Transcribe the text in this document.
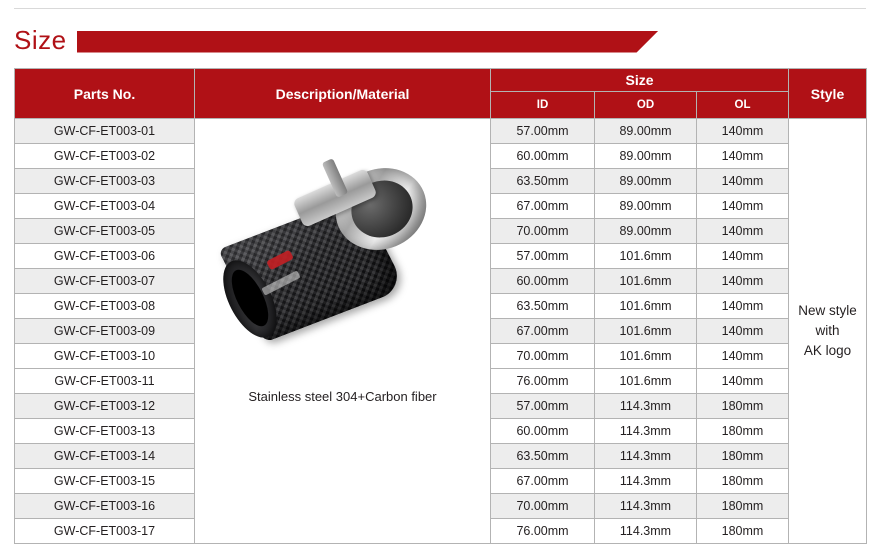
Size
Parts No.	Description/Material	Size			Style
		ID	OD	OL	
GW-CF-ET003-01	Stainless steel 304+Carbon fiber	57.00mm	89.00mm	140mm	New style
with
AK logo

GW-CF-ET003-02		60.00mm	89.00mm	140mm	
GW-CF-ET003-03		63.50mm	89.00mm	140mm	
GW-CF-ET003-04		67.00mm	89.00mm	140mm	
GW-CF-ET003-05		70.00mm	89.00mm	140mm	
GW-CF-ET003-06		57.00mm	101.6mm	140mm	
GW-CF-ET003-07		60.00mm	101.6mm	140mm	
GW-CF-ET003-08		63.50mm	101.6mm	140mm	
GW-CF-ET003-09		67.00mm	101.6mm	140mm	
GW-CF-ET003-10		70.00mm	101.6mm	140mm	
GW-CF-ET003-11		76.00mm	101.6mm	140mm	
GW-CF-ET003-12		57.00mm	114.3mm	180mm	
GW-CF-ET003-13		60.00mm	114.3mm	180mm	
GW-CF-ET003-14		63.50mm	114.3mm	180mm	
GW-CF-ET003-15		67.00mm	114.3mm	180mm	
GW-CF-ET003-16		70.00mm	114.3mm	180mm	
GW-CF-ET003-17		76.00mm	114.3mm	180mm	
